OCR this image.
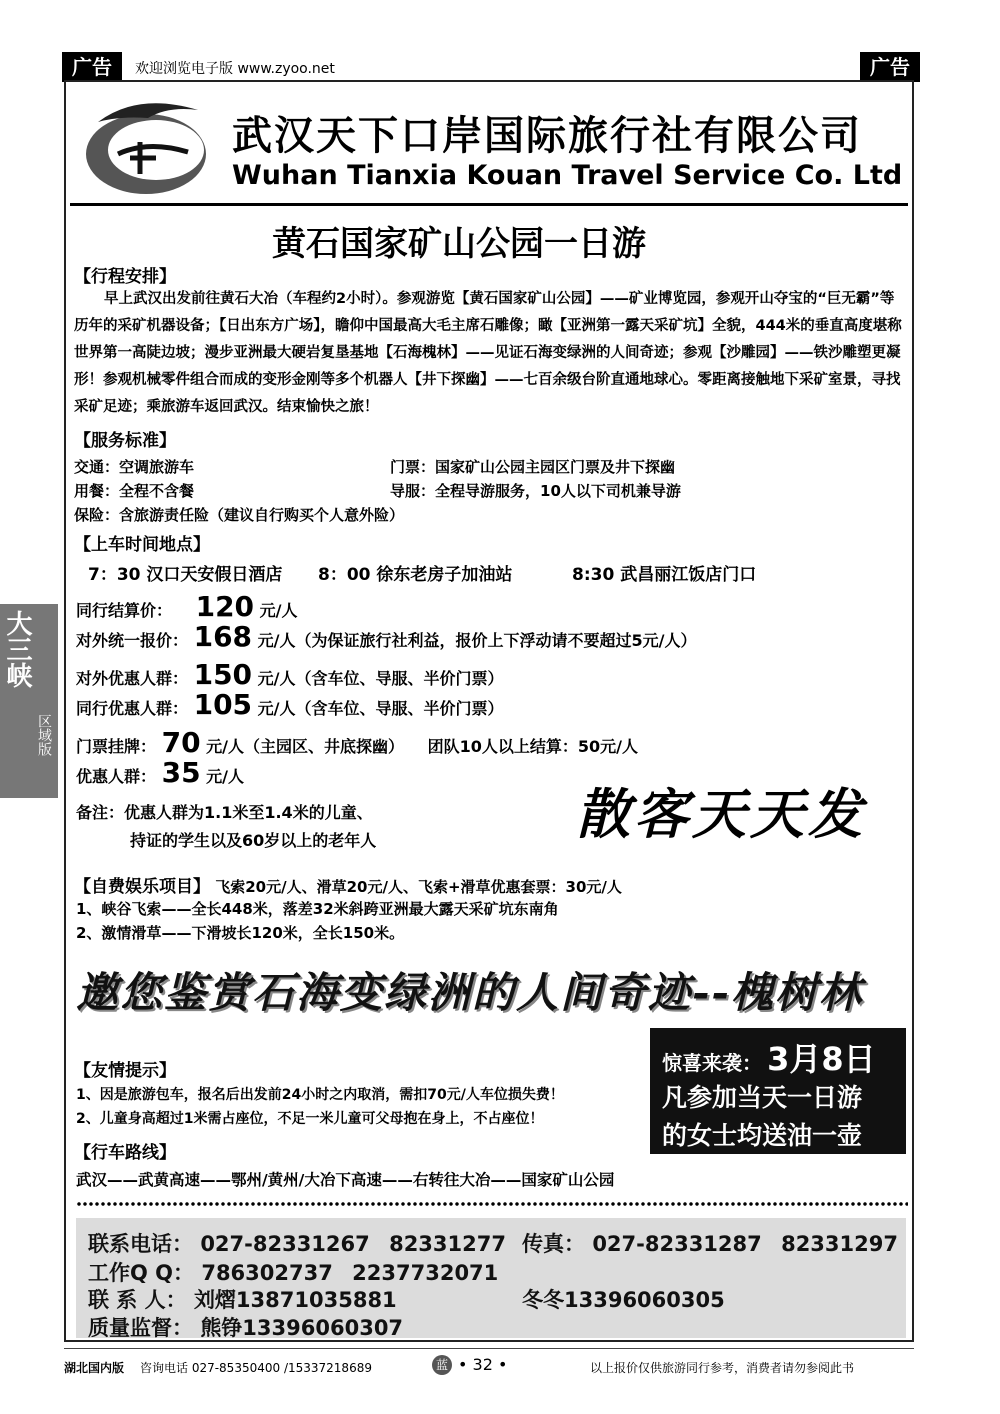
广告	欢迎浏览电子版 www.zyoo.net	广告
武汉天下口岸国际旅行社有限公司
Wuhan Tianxia Kouan Travel Service Co. Ltd
黄石国家矿山公园一日游
【行程安排】
早上武汉出发前往黄石大冶（车程约2小时）。参观游览【黄石国家矿山公园】——矿业博览园，参观开山夺宝的“巨无霸”等历年的采矿机器设备；【日出东方广场】，瞻仰中国最高大毛主席石雕像；瞰【亚洲第一露天采矿坑】全貌，444米的垂直高度堪称世界第一高陡边坡；漫步亚洲最大硬岩复垦基地【石海槐林】——见证石海变绿洲的人间奇迹；参观【沙雕园】——铁沙雕塑更凝形！参观机械零件组合而成的变形金刚等多个机器人【井下探幽】——七百余级台阶直通地球心。零距离接触地下采矿室景，寻找采矿足迹；乘旅游车返回武汉。结束愉快之旅！
【服务标准】
交通：空调旅游车	门票：国家矿山公园主园区门票及井下探幽
用餐：全程不含餐	导服：全程导游服务，10人以下司机兼导游
保险：含旅游责任险（建议自行购买个人意外险）
【上车时间地点】
7：30 汉口天安假日酒店 8：00 徐东老房子加油站	8:30 武昌丽江饭店门口
同行结算价： 120 元/人
对外统一报价： 168 元/人（为保证旅行社利益，报价上下浮动请不要超过5元/人）
对外优惠人群： 150 元/人（含车位、导服、半价门票）
同行优惠人群： 105 元/人（含车位、导服、半价门票）
门票挂牌： 70 元/人（主园区、井底探幽） 团队10人以上结算：50元/人
优惠人群： 35 元/人
备注：优惠人群为1.1米至1.4米的儿童、
持证的学生以及60岁以上的老年人	散客天天发
【自费娱乐项目】 飞索20元/人、滑草20元/人、飞索+滑草优惠套票：30元/人
1、峡谷飞索——全长448米，落差32米斜跨亚洲最大露天采矿坑东南角
2、激情滑草——下滑坡长120米，全长150米。
邀您鉴赏石海变绿洲的人间奇迹--槐树林
惊喜来袭： 3月8日
凡参加当天一日游
的女士均送油一壶
【友情提示】
1、因是旅游包车，报名后出发前24小时之内取消，需扣70元/人车位损失费！
2、儿童身高超过1米需占座位，不足一米儿童可父母抱在身上，不占座位！
【行车路线】
武汉——武黄高速——鄂州/黄州/大冶下高速——右转往大冶——国家矿山公园
联系电话： 027-82331267 82331277 传真： 027-82331287 82331297
工作Q Q： 786302737 2237732071
联 系 人： 刘熠13871035881	冬冬13396060305
质量监督： 熊铮13396060307
大三峡
区域版
湖北国内版 咨询电话 027-85350400 /15337218689	蓝 • 32 •	以上报价仅供旅游同行参考，消费者请勿参阅此书
